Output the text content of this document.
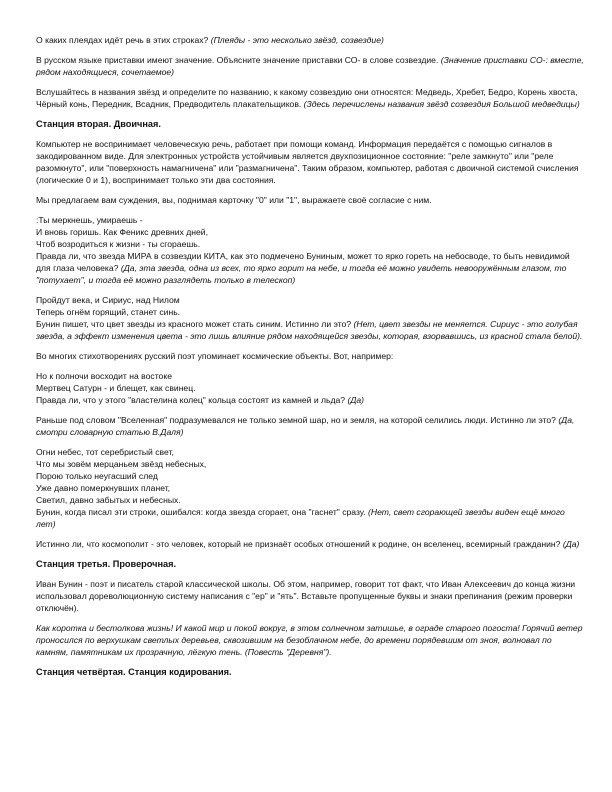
О каких плеядах идёт речь в этих строках? (Плеяды - это несколько звёзд, созвездие)

В русском языке приставки имеют значение. Объясните значение приставки СО- в слове созвездие. (Значение приставки СО-: вместе, рядом находящиеся, сочетаемое)

Вслушайтесь в названия звёзд и определите по названию, к какому созвездию они относятся: Медведь, Хребет, Бедро, Корень хвоста, Чёрный конь, Передник, Всадник, Предводитель плакательщиков. (Здесь перечислены названия звёзд созвездия Большой медведицы)

Станция вторая. Двоичная.

Компьютер не воспринимает человеческую речь, работает при помощи команд. Информация передаётся с помощью сигналов в закодированном виде. Для электронных устройств устойчивым является двухпозиционное состояние: "реле замкнуто" или "реле разомкнуто", или "поверхность намагничена" или "размагничена". Таким образом, компьютер, работая с двоичной системой счисления (логические 0 и 1), воспринимает только эти два состояния.

Мы предлагаем вам суждения, вы, поднимая карточку "0" или "1", выражаете своё согласие с ним.

:Ты меркнешь, умираешь -
И вновь горишь. Как Феникс древних дней,
Чтоб возродиться к жизни - ты сгораешь.
Правда ли, что звезда МИРА в созвездии КИТА, как это подмечено Буниным, может то ярко гореть на небосводе, то быть невидимой для глаза человека? (Да, эта звезда, одна из всех, то ярко горит на небе, и тогда её можно увидеть невооружённым глазом, то "потухает", и тогда её можно разглядеть только в телескоп)
Пройдут века, и Сириус, над Нилом
Теперь огнём горящий, станет синь.
Бунин пишет, что цвет звезды из красного может стать синим. Истинно ли это? (Нет, цвет звезды не меняется. Сириус - это голубая звезда, а эффект изменения цвета - это лишь влияние рядом находящейся звезды, которая, взорвавшись, из красной стала белой).

Во многих стихотворениях русский поэт упоминает космические объекты. Вот, например:

Но к полночи восходит на востоке
Мертвец Сатурн - и блещет, как свинец.
Правда ли, что у этого "властелина колец" кольца состоят из камней и льда? (Да)

Раньше под словом "Вселенная" подразумевался не только земной шар, но и земля, на которой селились люди. Истинно ли это? (Да, смотри словарную статью В.Даля)

Огни небес, тот серебристый свет,
Что мы зовём мерцаньем звёзд небесных,
Порою только неугасший след
Уже давно померкнувших планет,
Светил, давно забытых и небесных.
Бунин, когда писал эти строки, ошибался: когда звезда сгорает, она "гаснет" сразу. (Нет, свет сгорающей звезды виден ещё много лет)

Истинно ли, что космополит - это человек, который не признаёт особых отношений к родине, он вселенец, всемирный гражданин? (Да)

Станция третья. Проверочная.

Иван Бунин - поэт и писатель старой классической школы. Об этом, например, говорит тот факт, что Иван Алексеевич до конца жизни использовал дореволюционную систему написания с "ер" и "ять". Вставьте пропущенные буквы и знаки препинания (режим проверки отключён).

Как коротка и бестолкова жизнь! И какой мир и покой вокруг, в этом солнечном затишье, в ограде старого погоста! Горячий ветер проносился по верхушкам светлых деревьев, сквозившим на безоблачном небе, до времени порядевшим от зноя, волновал по камням, памятникам их прозрачную, лёгкую тень. (Повесть "Деревня").

Станция четвёртая. Станция кодирования.
